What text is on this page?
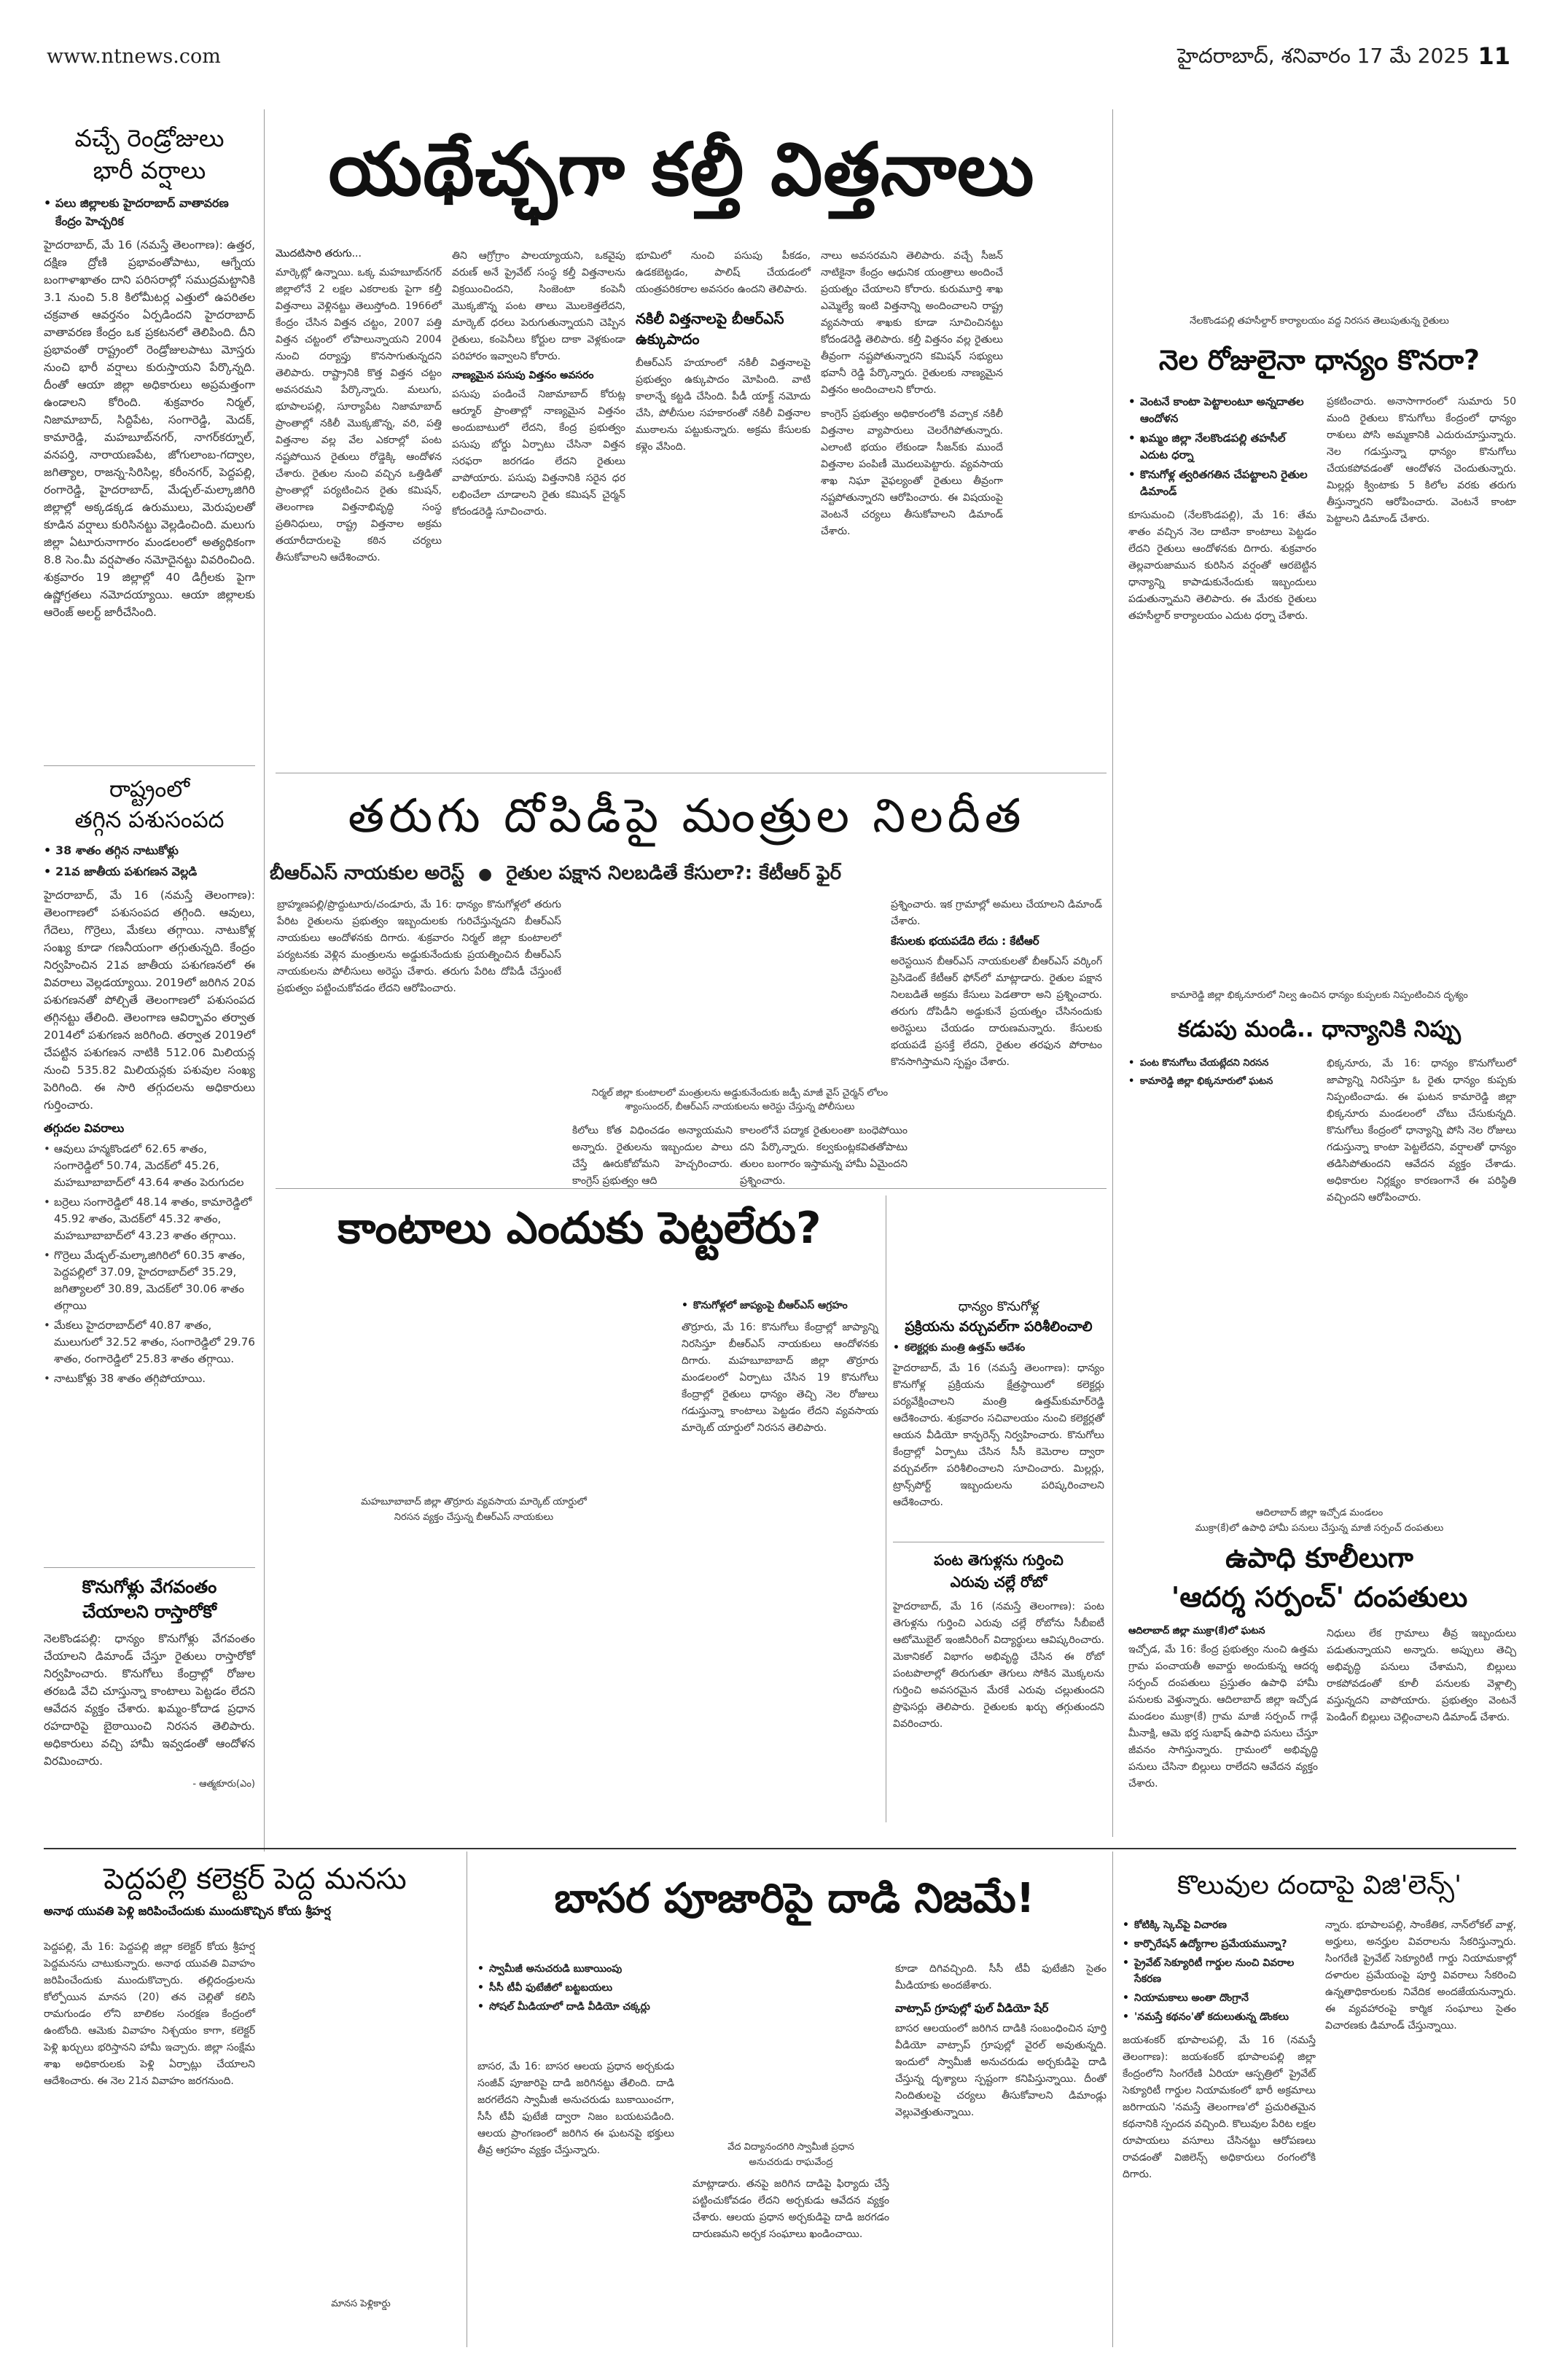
www.ntnews.com	హైదరాబాద్‌, శనివారం 17 మే 2025 11
వచ్చే రెండ్రోజులు
భారీ వర్షాలు
• పలు జిల్లాలకు హైదరాబాద్‌ వాతావరణ కేంద్రం హెచ్చరిక

హైదరాబాద్‌, మే 16 (నమస్తే తెలంగాణ): ఉత్తర, దక్షిణ ద్రోణి ప్రభావంతోపాటు, ఆగ్నేయ బంగాళాఖాతం దాని పరిసరాల్లో సముద్రమట్టానికి 3.1 నుంచి 5.8 కిలోమీటర్ల ఎత్తులో ఉపరితల చక్రవాత ఆవర్తనం ఏర్పడిందని హైదరాబాద్‌ వాతావరణ కేంద్రం ఒక ప్రకటనలో తెలిపింది. దీని ప్రభావంతో రాష్ట్రంలో రెండ్రోజులపాటు మోస్తరు నుంచి భారీ వర్షాలు కురుస్తాయని పేర్కొన్నది. దీంతో ఆయా జిల్లా అధికారులు అప్రమత్తంగా ఉండాలని కోరింది. శుక్రవారం నిర్మల్‌, నిజామాబాద్‌, సిద్దిపేట, సంగారెడ్డి, మెదక్‌, కామారెడ్డి, మహబూబ్‌నగర్‌, నాగర్‌కర్నూల్‌, వనపర్తి, నారాయణపేట, జోగులాంబ-గద్వాల, జగిత్యాల, రాజన్న-సిరిసిల్ల, కరీంనగర్‌, పెద్దపల్లి, రంగారెడ్డి, హైదరాబాద్‌, మేడ్చల్‌-మల్కాజిగిరి జిల్లాల్లో అక్కడక్కడ ఉరుములు, మెరుపులతో కూడిన వర్షాలు కురిసినట్టు వెల్లడించింది. మలుగు జిల్లా ఏటూరునాగారం మండలంలో అత్యధికంగా 8.8 సెం.మీ వర్షపాతం నమోదైనట్టు వివరించింది. శుక్రవారం 19 జిల్లాల్లో 40 డిగ్రీలకు పైగా ఉష్ణోగ్రతలు నమోదయ్యాయి. ఆయా జిల్లాలకు ఆరెంజ్‌ అలర్ట్‌ జారీచేసింది.

రాష్ట్రంలో
తగ్గిన పశుసంపద
• 38 శాతం తగ్గిన నాటుకోళ్లు
• 21వ జాతీయ పశుగణన వెల్లడి

హైదరాబాద్‌, మే 16 (నమస్తే తెలంగాణ): తెలంగాణలో పశుసంపద తగ్గింది. ఆవులు, గేదెలు, గొర్రెలు, మేకలు తగ్గాయి. నాటుకోళ్ల సంఖ్య కూడా గణనీయంగా తగ్గుతున్నది. కేంద్రం నిర్వహించిన 21వ జాతీయ పశుగణనలో ఈ వివరాలు వెల్లడయ్యాయి. 2019లో జరిగిన 20వ పశుగణనతో పోల్చితే తెలంగాణలో పశుసంపద తగ్గినట్టు తేలింది. తెలంగాణ ఆవిర్భావం తర్వాత 2014లో పశుగణన జరిగింది. తర్వాత 2019లో చేపట్టిన పశుగణన నాటికి 512.06 మిలియన్ల నుంచి 535.82 మిలియన్లకు పశువుల సంఖ్య పెరిగింది. ఈ సారి తగ్గుదలను అధికారులు గుర్తించారు.

తగ్గుదల వివరాలు

• ఆవులు హన్మకొండలో 62.65 శాతం, సంగారెడ్డిలో 50.74, మెదక్‌లో 45.26, మహబూబాబాద్‌లో 43.64 శాతం పెరుగుదల
• బర్రెలు సంగారెడ్డిలో 48.14 శాతం, కామారెడ్డిలో 45.92 శాతం, మెదక్‌లో 45.32 శాతం, మహబూబాబాద్‌లో 43.23 శాతం తగ్గాయి.
• గొర్రెలు మేడ్చల్‌-మల్కాజిగిరిలో 60.35 శాతం, పెద్దపల్లిలో 37.09, హైదరాబాద్‌లో 35.29, జగిత్యాలలో 30.89, మెదక్‌లో 30.06 శాతం తగ్గాయి
• మేకలు హైదరాబాద్‌లో 40.87 శాతం, ములుగులో 32.52 శాతం, సంగారెడ్డిలో 29.76 శాతం, రంగారెడ్డిలో 25.83 శాతం తగ్గాయి.
• నాటుకోళ్లు 38 శాతం తగ్గిపోయాయి.
కొనుగోళ్లు వేగవంతం
చేయాలని రాస్తారోకో

నెలకొండపల్లి: ధాన్యం కొనుగోళ్లు వేగవంతం చేయాలని డిమాండ్‌ చేస్తూ రైతులు రాస్తారోకో నిర్వహించారు. కొనుగోలు కేంద్రాల్లో రోజుల తరబడి వేచి చూస్తున్నా కాంటాలు పెట్టడం లేదని ఆవేదన వ్యక్తం చేశారు. ఖమ్మం-కోదాడ ప్రధాన రహదారిపై బైఠాయించి నిరసన తెలిపారు. అధికారులు వచ్చి హామీ ఇవ్వడంతో ఆందోళన విరమించారు.

- ఆత్మకూరు(ఎం)

యథేచ్ఛగా కల్తీ విత్తనాలు

మొదటిసారి తరుగు...

మార్కెట్లో ఉన్నాయి. ఒక్క మహబూబ్‌నగర్‌ జిల్లాలోనే 2 లక్షల ఎకరాలకు పైగా కల్తీ విత్తనాలు వెళ్లినట్టు తెలుస్తోంది. 1966లో కేంద్రం చేసిన విత్తన చట్టం, 2007 పత్తి విత్తన చట్టంలో లోపాలున్నాయని 2004 నుంచి దర్యాప్తు కొనసాగుతున్నదని తెలిపారు. రాష్ట్రానికి కొత్త విత్తన చట్టం అవసరమని పేర్కొన్నారు. మలుగు, భూపాలపల్లి, సూర్యాపేట నిజామాబాద్‌ ప్రాంతాల్లో నకిలీ మొక్కజొన్న, వరి, పత్తి విత్తనాల వల్ల వేల ఎకరాల్లో పంట నష్టపోయిన రైతులు రోడ్డెక్కి ఆందోళన చేశారు. రైతుల నుంచి వచ్చిన ఒత్తిడితో ప్రాంతాల్లో పర్యటించిన రైతు కమిషన్‌, తెలంగాణ విత్తనాభివృద్ధి సంస్థ ప్రతినిధులు, రాష్ట్ర విత్తనాల అక్రమ తయారీదారులపై కఠిన చర్యలు తీసుకోవాలని ఆదేశించారు.

తిని ఆగ్రోగ్రాం పాలయ్యాయని, ఒకవైపు వరుణ్‌ అనే ప్రైవేట్‌ సంస్థ కల్తీ విత్తనాలను విక్రయించిందని, సింజెంటా కంపెనీ మొక్కజొన్న పంట తాలు మొలకెత్తలేదని, మార్కెట్‌ ధరలు పెరుగుతున్నాయని చెప్పిన రైతులు, కంపెనీలు కోర్టుల దాకా వెళ్లకుండా పరిహారం ఇవ్వాలని కోరారు.

నాణ్యమైన పసుపు విత్తనం అవసరం

పసుపు పండించే నిజామాబాద్‌ కోరుట్ల ఆర్మూర్‌ ప్రాంతాల్లో నాణ్యమైన విత్తనం అందుబాటులో లేదని, కేంద్ర ప్రభుత్వం పసుపు బోర్డు ఏర్పాటు చేసినా విత్తన సరఫరా జరగడం లేదని రైతులు వాపోయారు. పసుపు విత్తనానికి సరైన ధర లభించేలా చూడాలని రైతు కమిషన్‌ చైర్మన్‌ కోదండరెడ్డి సూచించారు.

భూమిలో నుంచి పసుపు పీకడం, ఉడకబెట్టడం, పాలిష్‌ చేయడంలో యంత్రపరికరాల అవసరం ఉందని తెలిపారు.

నకిలీ విత్తనాలపై బీఆర్‌ఎస్‌ ఉక్కుపాదం

బీఆర్‌ఎస్‌ హయాంలో నకిలీ విత్తనాలపై ప్రభుత్వం ఉక్కుపాదం మోపింది. వాటి కాలాన్నే కట్టడి చేసింది. పీడీ యాక్ట్‌ నమోదు చేసి, పోలీసుల సహకారంతో నకిలీ విత్తనాల ముఠాలను పట్టుకున్నారు. అక్రమ కేసులకు కళ్లెం వేసింది.

నాలు అవసరమని తెలిపారు. వచ్చే సీజన్‌ నాటికైనా కేంద్రం ఆధునిక యంత్రాలు అందించే ప్రయత్నం చేయాలని కోరారు. కురుమూర్తి శాఖ ఎమ్మెల్యే ఇంటి విత్తనాన్ని అందించాలని రాష్ట్ర వ్యవసాయ శాఖకు కూడా సూచించినట్టు కోదండరెడ్డి తెలిపారు. కల్తీ విత్తనం వల్ల రైతులు తీవ్రంగా నష్టపోతున్నారని కమిషన్‌ సభ్యులు భవానీ రెడ్డి పేర్కొన్నారు. రైతులకు నాణ్యమైన విత్తనం అందించాలని కోరారు.

కాంగ్రెస్‌ ప్రభుత్వం అధికారంలోకి వచ్చాక నకిలీ విత్తనాల వ్యాపారులు చెలరేగిపోతున్నారు. ఎలాంటి భయం లేకుండా సీజన్‌కు ముందే విత్తనాల పంపిణీ మొదలుపెట్టారు. వ్యవసాయ శాఖ నిఘా వైఫల్యంతో రైతులు తీవ్రంగా నష్టపోతున్నారని ఆరోపించారు. ఈ విషయంపై వెంటనే చర్యలు తీసుకోవాలని డిమాండ్‌ చేశారు.

నేలకొండపల్లి తహసీల్దార్‌ కార్యాలయం వద్ద నిరసన తెలుపుతున్న రైతులు

నెల రోజులైనా ధాన్యం కొనరా?
• వెంటనే కాంటా పెట్టాలంటూ అన్నదాతల ఆందోళన
• ఖమ్మం జిల్లా నేలకొండపల్లి తహసీల్‌ ఎదుట ధర్నా
• కొనుగోళ్ల త్వరితగతిన చేపట్టాలని రైతుల డిమాండ్‌

కూసుమంచి (నేలకొండపల్లి), మే 16: తేమ శాతం వచ్చిన నెల దాటినా కాంటాలు పెట్టడం లేదని రైతులు ఆందోళనకు దిగారు. శుక్రవారం తెల్లవారుజామున కురిసిన వర్షంతో ఆరబెట్టిన ధాన్యాన్ని కాపాడుకునేందుకు ఇబ్బందులు పడుతున్నామని తెలిపారు. ఈ మేరకు రైతులు తహసీల్దార్‌ కార్యాలయం ఎదుట ధర్నా చేశారు.

ప్రకటించారు. అనాసాగారంలో సుమారు 50 మంది రైతులు కొనుగోలు కేంద్రంలో ధాన్యం రాశులు పోసి అమ్మకానికి ఎదురుచూస్తున్నారు. నెల గడుస్తున్నా ధాన్యం కొనుగోలు చేయకపోవడంతో ఆందోళన చెందుతున్నారు. మిల్లర్లు క్వింటాకు 5 కిలోల వరకు తరుగు తీస్తున్నారని ఆరోపించారు. వెంటనే కాంటా పెట్టాలని డిమాండ్‌ చేశారు.

తరుగు దోపిడీపై మంత్రుల నిలదీత
బీఆర్‌ఎస్‌ నాయకుల అరెస్ట్‌ ● రైతుల పక్షాన నిలబడితే కేసులా?: కేటీఆర్‌ ఫైర్‌

బ్రాహ్మణపల్లి/ప్రొద్దుటూరు/చండూరు, మే 16: ధాన్యం కొనుగోళ్లలో తరుగు పేరిట రైతులను ప్రభుత్వం ఇబ్బందులకు గురిచేస్తున్నదని బీఆర్‌ఎస్‌ నాయకులు ఆందోళనకు దిగారు. శుక్రవారం నిర్మల్‌ జిల్లా కుంటాలలో పర్యటనకు వెళ్లిన మంత్రులను అడ్డుకునేందుకు ప్రయత్నించిన బీఆర్‌ఎస్‌ నాయకులను పోలీసులు అరెస్టు చేశారు. తరుగు పేరిట దోపిడీ చేస్తుంటే ప్రభుత్వం పట్టించుకోవడం లేదని ఆరోపించారు.

ప్రశ్నించారు. ఇక గ్రామాల్లో అమలు చేయాలని డిమాండ్‌ చేశారు.

కేసులకు భయపడేది లేదు : కేటీఆర్‌

అరెస్టయిన బీఆర్‌ఎస్‌ నాయకులతో బీఆర్‌ఎస్‌ వర్కింగ్‌ ప్రెసిడెంట్‌ కేటీఆర్‌ ఫోన్‌లో మాట్లాడారు. రైతుల పక్షాన నిలబడితే అక్రమ కేసులు పెడతారా అని ప్రశ్నించారు. తరుగు దోపిడీని అడ్డుకునే ప్రయత్నం చేసినందుకు అరెస్టులు చేయడం దారుణమన్నారు. కేసులకు భయపడే ప్రసక్తే లేదని, రైతుల తరఫున పోరాటం కొనసాగిస్తామని స్పష్టం చేశారు.

నిర్మల్‌ జిల్లా కుంటాలలో మంత్రులను అడ్డుకునేందుకు జడ్పీ మాజీ వైస్‌ చైర్మన్‌ లోలం శ్యాంసుందర్‌, బీఆర్‌ఎస్‌ నాయకులను అరెస్టు చేస్తున్న పోలీసులు

కిలోలు కోత విధించడం అన్యాయమని అన్నారు. రైతులను ఇబ్బందుల పాలు చేస్తే ఊరుకోబోమని హెచ్చరించారు. కాంగ్రెస్‌ ప్రభుత్వం ఆది

కాలంలోనే పద్మాక రైతులంతా బంధెపోయిం దని పేర్కొన్నారు. కల్వకుంట్లకవితతోపాటు తులం బంగారం ఇస్తామన్న హామీ ఏమైందని ప్రశ్నించారు.

కామారెడ్డి జిల్లా భిక్కనూరులో నిల్వ ఉంచిన ధాన్యం కుప్పలకు నిప్పంటించిన దృశ్యం

కడుపు మండి.. ధాన్యానికి నిప్పు
• పంట కొనుగోలు చేయట్లేదని నిరసన
• కామారెడ్డి జిల్లా భిక్కనూరులో ఘటన

భిక్కనూరు, మే 16: ధాన్యం కొనుగోలులో జాప్యాన్ని నిరసిస్తూ ఓ రైతు ధాన్యం కుప్పకు నిప్పంటించాడు. ఈ ఘటన కామారెడ్డి జిల్లా భిక్కనూరు మండలంలో చోటు చేసుకున్నది. కొనుగోలు కేంద్రంలో ధాన్యాన్ని పోసి నెల రోజులు గడుస్తున్నా కాంటా పెట్టలేదని, వర్షాలతో ధాన్యం తడిసిపోతుందని ఆవేదన వ్యక్తం చేశాడు. అధికారుల నిర్లక్ష్యం కారణంగానే ఈ పరిస్థితి వచ్చిందని ఆరోపించారు.

కాంటాలు ఎందుకు పెట్టలేరు?

మహబూబాబాద్‌ జిల్లా తొర్రూరు వ్యవసాయ మార్కెట్‌ యార్డులో

నిరసన వ్యక్తం చేస్తున్న బీఆర్‌ఎస్‌ నాయకులు

• కొనుగోళ్లలో జాప్యంపై బీఆర్‌ఎస్‌ ఆగ్రహం

తొర్రూరు, మే 16: కొనుగోలు కేంద్రాల్లో జాప్యాన్ని నిరసిస్తూ బీఆర్‌ఎస్‌ నాయకులు ఆందోళనకు దిగారు. మహబూబాబాద్‌ జిల్లా తొర్రూరు మండలంలో ఏర్పాటు చేసిన 19 కొనుగోలు కేంద్రాల్లో రైతులు ధాన్యం తెచ్చి నెల రోజులు గడుస్తున్నా కాంటాలు పెట్టడం లేదని వ్యవసాయ మార్కెట్‌ యార్డులో నిరసన తెలిపారు.

ధాన్యం కొనుగోళ్ల
ప్రక్రియను వర్చువల్‌గా పరిశీలించాలి
• కలెక్టర్లకు మంత్రి ఉత్తమ్‌ ఆదేశం

హైదరాబాద్‌, మే 16 (నమస్తే తెలంగాణ): ధాన్యం కొనుగోళ్ల ప్రక్రియను క్షేత్రస్థాయిలో కలెక్టర్లు పర్యవేక్షించాలని మంత్రి ఉత్తమ్‌కుమార్‌రెడ్డి ఆదేశించారు. శుక్రవారం సచివాలయం నుంచి కలెక్టర్లతో ఆయన వీడియో కాన్ఫరెన్స్‌ నిర్వహించారు. కొనుగోలు కేంద్రాల్లో ఏర్పాటు చేసిన సీసీ కెమెరాల ద్వారా వర్చువల్‌గా పరిశీలించాలని సూచించారు. మిల్లర్లు, ట్రాన్స్‌పోర్ట్‌ ఇబ్బందులను పరిష్కరించాలని ఆదేశించారు.

పంట తెగుళ్లను గుర్తించి
ఎరువు చల్లే రోబో

హైదరాబాద్‌, మే 16 (నమస్తే తెలంగాణ): పంట తెగుళ్లను గుర్తించి ఎరువు చల్లే రోబోను సీబీఐటీ ఆటోమొబైల్‌ ఇంజినీరింగ్‌ విద్యార్థులు ఆవిష్కరించారు. మెకానికల్‌ విభాగం అభివృద్ధి చేసిన ఈ రోబో పంటపొలాల్లో తిరుగుతూ తెగులు సోకిన మొక్కలను గుర్తించి అవసరమైన మేరకే ఎరువు చల్లుతుందని ప్రొఫెసర్లు తెలిపారు. రైతులకు ఖర్చు తగ్గుతుందని వివరించారు.

ఆదిలాబాద్‌ జిల్లా ఇచ్చోడ మండలం

ముక్రా(కే)లో ఉపాధి హామీ పనులు చేస్తున్న మాజీ సర్పంచ్‌ దంపతులు

ఉపాధి కూలీలుగా
'ఆదర్శ సర్పంచ్‌' దంపతులు

ఆదిలాబాద్‌ జిల్లా ముక్రా(కే)లో ఘటన

ఇచ్చోడ, మే 16: కేంద్ర ప్రభుత్వం నుంచి ఉత్తమ గ్రామ పంచాయతీ అవార్డు అందుకున్న ఆదర్శ సర్పంచ్‌ దంపతులు ప్రస్తుతం ఉపాధి హామీ పనులకు వెళ్తున్నారు. ఆదిలాబాద్‌ జిల్లా ఇచ్చోడ మండలం ముక్రా(కే) గ్రామ మాజీ సర్పంచ్‌ గాడ్గే మీనాక్షి, ఆమె భర్త సుభాష్‌ ఉపాధి పనులు చేస్తూ జీవనం సాగిస్తున్నారు. గ్రామంలో అభివృద్ధి పనులు చేసినా బిల్లులు రాలేదని ఆవేదన వ్యక్తం చేశారు.

నిధులు లేక గ్రామాలు తీవ్ర ఇబ్బందులు పడుతున్నాయని అన్నారు. అప్పులు తెచ్చి అభివృద్ధి పనులు చేశామని, బిల్లులు రాకపోవడంతో కూలీ పనులకు వెళ్లాల్సి వస్తున్నదని వాపోయారు. ప్రభుత్వం వెంటనే పెండింగ్‌ బిల్లులు చెల్లించాలని డిమాండ్‌ చేశారు.

పెద్దపల్లి కలెక్టర్‌ పెద్ద మనసు

అనాథ యువతి పెళ్లి జరిపించేందుకు ముందుకొచ్చిన కోయ శ్రీహర్ష

పెద్దపల్లి, మే 16: పెద్దపల్లి జిల్లా కలెక్టర్‌ కోయ శ్రీహర్ష పెద్దమనసు చాటుకున్నారు. అనాథ యువతి వివాహం జరిపించేందుకు ముందుకొచ్చారు. తల్లిదండ్రులను కోల్పోయిన మానస (20) తన చెల్లితో కలిసి రామగుండం లోని బాలికల సంరక్షణ కేంద్రంలో ఉంటోంది. ఆమెకు వివాహం నిశ్చయం కాగా, కలెక్టర్‌ పెళ్లి ఖర్చులు భరిస్తానని హామీ ఇచ్చారు. జిల్లా సంక్షేమ శాఖ అధికారులకు పెళ్లి ఏర్పాట్లు చేయాలని ఆదేశించారు. ఈ నెల 21న వివాహం జరగనుంది.

మానస పెళ్లికార్డు

బాసర పూజారిపై దాడి నిజమే!
• స్వామీజీ అనుచరుడి బుకాయింపు
• సీసీ టీవీ ఫుటేజీలో బట్టబయలు
• సోషల్‌ మీడియాలో దాడి వీడియో చక్కర్లు

బాసర, మే 16: బాసర ఆలయ ప్రధాన అర్చకుడు సంజీవ్‌ పూజారిపై దాడి జరిగినట్టు తేలింది. దాడి జరగలేదని స్వామీజీ అనుచరుడు బుకాయించగా, సీసీ టీవీ ఫుటేజీ ద్వారా నిజం బయటపడింది. ఆలయ ప్రాంగణంలో జరిగిన ఈ ఘటనపై భక్తులు తీవ్ర ఆగ్రహం వ్యక్తం చేస్తున్నారు.	వేద విద్యానందగిరి స్వామీజీ ప్రధాన

అనుచరుడు రాఘవేంద్ర

మాట్లాడారు. తనపై జరిగిన దాడిపై ఫిర్యాదు చేస్తే పట్టించుకోవడం లేదని అర్చకుడు ఆవేదన వ్యక్తం చేశారు. ఆలయ ప్రధాన అర్చకుడిపై దాడి జరగడం దారుణమని అర్చక సంఘాలు ఖండించాయి.

కూడా దిగివచ్చింది. సీసీ టీవీ ఫుటేజీని సైతం మీడియాకు అందజేశారు.

వాట్సాప్‌ గ్రూపుల్లో ఫుల్‌ వీడియో షేర్‌

బాసర ఆలయంలో జరిగిన దాడికి సంబంధించిన పూర్తి వీడియో వాట్సాప్‌ గ్రూపుల్లో వైరల్‌ అవుతున్నది. ఇందులో స్వామీజీ అనుచరుడు అర్చకుడిపై దాడి చేస్తున్న దృశ్యాలు స్పష్టంగా కనిపిస్తున్నాయి. దీంతో నిందితులపై చర్యలు తీసుకోవాలని డిమాండ్లు వెల్లువెత్తుతున్నాయి.

కొలువుల దందాపై విజి'లెన్స్‌'
• కోటిక్కి స్కెచ్‌పై విచారణ
• కార్పొరేషన్‌ ఉద్యోగాల ప్రమేయమున్నా?
• ప్రైవేట్‌ సెక్యూరిటీ గార్డుల నుంచి వివరాల సేకరణ
• నియామకాలు అంతా దొంగ్రానే
• 'నమస్తే కథనం'తో కదులుతున్న డొంకలు

జయశంకర్‌ భూపాలపల్లి, మే 16 (నమస్తే తెలంగాణ): జయశంకర్‌ భూపాలపల్లి జిల్లా కేంద్రంలోని సింగరేణి ఏరియా ఆస్పత్రిలో ప్రైవేట్‌ సెక్యూరిటీ గార్డుల నియామకంలో భారీ అక్రమాలు జరిగాయని 'నమస్తే తెలంగాణ'లో ప్రచురితమైన కథనానికి స్పందన వచ్చింది. కొలువుల పేరిట లక్షల రూపాయలు వసూలు చేసినట్టు ఆరోపణలు రావడంతో విజిలెన్స్‌ అధికారులు రంగంలోకి దిగారు.

న్నారు. భూపాలపల్లి, సాంకేతిక, నాన్‌లోకల్‌ వాళ్ల, అర్హులు, అనర్హుల వివరాలను సేకరిస్తున్నారు. సింగరేణి ప్రైవేట్‌ సెక్యూరిటీ గార్డు నియామకాల్లో దళారుల ప్రమేయంపై పూర్తి వివరాలు సేకరించి ఉన్నతాధికారులకు నివేదిక అందజేయనున్నారు. ఈ వ్యవహారంపై కార్మిక సంఘాలు సైతం విచారణకు డిమాండ్‌ చేస్తున్నాయి.
